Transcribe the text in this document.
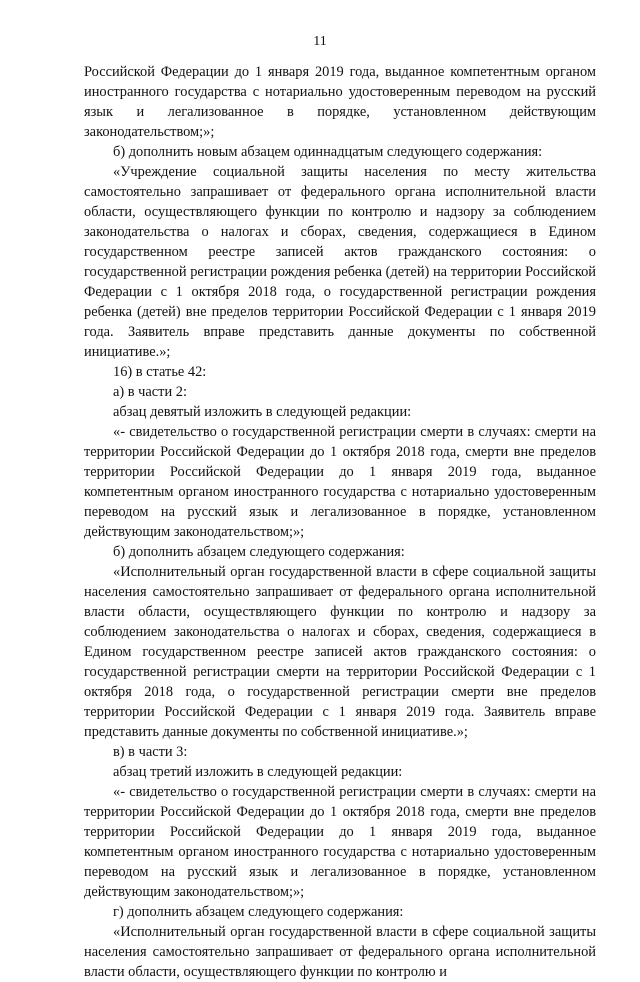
11

Российской Федерации до 1 января 2019 года, выданное компетентным органом иностранного государства с нотариально удостоверенным переводом на русский язык и легализованное в порядке, установленном действующим законодательством;»;

б) дополнить новым абзацем одиннадцатым следующего содержания:

«Учреждение социальной защиты населения по месту жительства самостоятельно запрашивает от федерального органа исполнительной власти области, осуществляющего функции по контролю и надзору за соблюдением законодательства о налогах и сборах, сведения, содержащиеся в Едином государственном реестре записей актов гражданского состояния: о государственной регистрации рождения ребенка (детей) на территории Российской Федерации с 1 октября 2018 года, о государственной регистрации рождения ребенка (детей) вне пределов территории Российской Федерации с 1 января 2019 года. Заявитель вправе представить данные документы по собственной инициативе.»;

16) в статье 42:

а) в части 2:

абзац девятый изложить в следующей редакции:

«- свидетельство о государственной регистрации смерти в случаях: смерти на территории Российской Федерации до 1 октября 2018 года, смерти вне пределов территории Российской Федерации до 1 января 2019 года, выданное компетентным органом иностранного государства с нотариально удостоверенным переводом на русский язык и легализованное в порядке, установленном действующим законодательством;»;

б) дополнить абзацем следующего содержания:

«Исполнительный орган государственной власти в сфере социальной защиты населения самостоятельно запрашивает от федерального органа исполнительной власти области, осуществляющего функции по контролю и надзору за соблюдением законодательства о налогах и сборах, сведения, содержащиеся в Едином государственном реестре записей актов гражданского состояния: о государственной регистрации смерти на территории Российской Федерации с 1 октября 2018 года, о государственной регистрации смерти вне пределов территории Российской Федерации с 1 января 2019 года. Заявитель вправе представить данные документы по собственной инициативе.»;

в) в части 3:

абзац третий изложить в следующей редакции:

«- свидетельство о государственной регистрации смерти в случаях: смерти на территории Российской Федерации до 1 октября 2018 года, смерти вне пределов территории Российской Федерации до 1 января 2019 года, выданное компетентным органом иностранного государства с нотариально удостоверенным переводом на русский язык и легализованное в порядке, установленном действующим законодательством;»;

г) дополнить абзацем следующего содержания:

«Исполнительный орган государственной власти в сфере социальной защиты населения самостоятельно запрашивает от федерального органа исполнительной власти области, осуществляющего функции по контролю и
